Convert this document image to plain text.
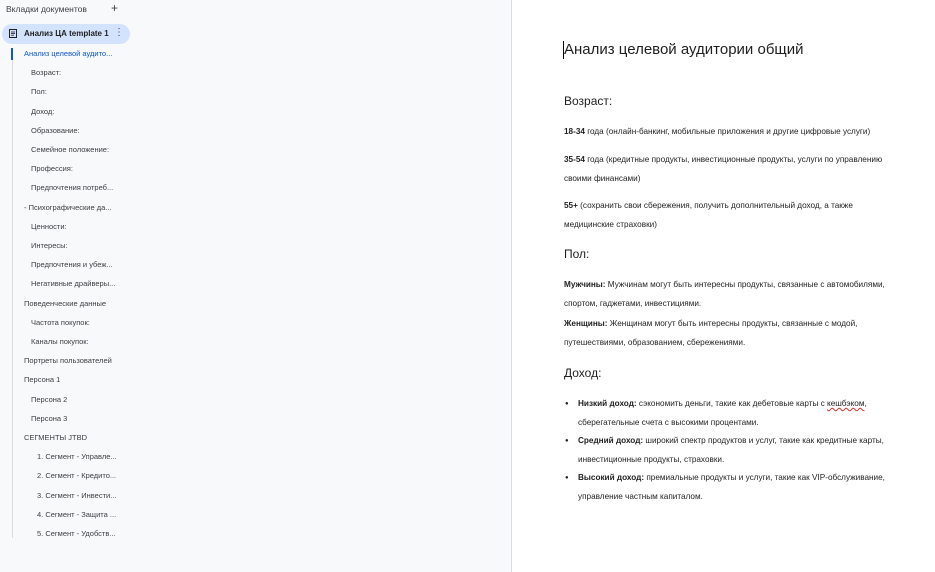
Вкладки документов +
Анализ ЦА template 1 ⋮
Анализ целевой аудито...
Возраст:
Пол:
Доход:
Образование:
Семейное положение:
Профессия:
Предпочтения потреб...
- Психографические да...
Ценности:
Интересы:
Предпочтения и убеж...
Негативные драйверы...
Поведенческие данные
Частота покупок:
Каналы покупок:
Портреты пользователей
Персона 1
Персона 2
Персона 3
СЕГМЕНТЫ JTBD
1. Сегмент - Управле...
2. Сегмент - Кредито...
3. Сегмент - Инвести...
4. Сегмент - Защита ...
5. Сегмент - Удобств...
Анализ целевой аудитории общий
Возраст:
18-34 года (онлайн-банкинг, мобильные приложения и другие цифровые услуги)
35-54 года (кредитные продукты, инвестиционные продукты, услуги по управлению своими финансами)
55+ (сохранить свои сбережения, получить дополнительный доход, а также медицинские страховки)
Пол:
Мужчины: Мужчинам могут быть интересны продукты, связанные с автомобилями, спортом, гаджетами, инвестициями.
Женщины: Женщинам могут быть интересны продукты, связанные с модой, путешествиями, образованием, сбережениями.
Доход:
● Низкий доход: сэкономить деньги, такие как дебетовые карты с кешбэком, сберегательные счета с высокими процентами.
● Средний доход: широкий спектр продуктов и услуг, такие как кредитные карты, инвестиционные продукты, страховки.
● Высокий доход: премиальные продукты и услуги, такие как VIP-обслуживание, управление частным капиталом.
